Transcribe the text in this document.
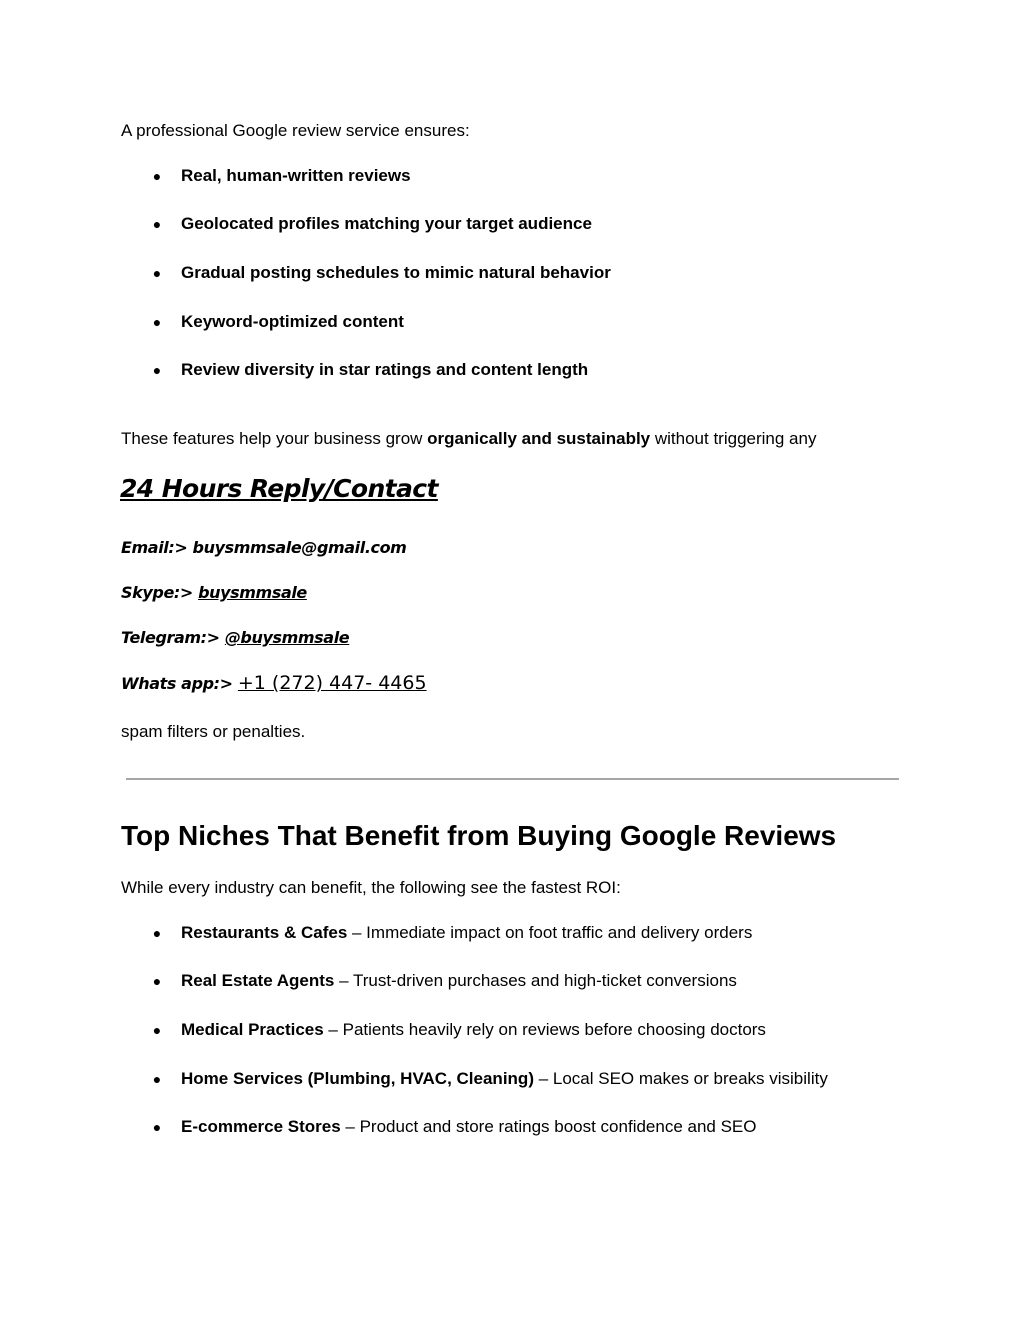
A professional Google review service ensures:
● Real, human-written reviews
● Geolocated profiles matching your target audience
● Gradual posting schedules to mimic natural behavior
● Keyword-optimized content
● Review diversity in star ratings and content length
These features help your business grow organically and sustainably without triggering any
24 Hours Reply/Contact
Email:> buysmmsale@gmail.com
Skype:> buysmmsale
Telegram:> @buysmmsale
Whats app:> +1 (272) 447- 4465
spam filters or penalties.
Top Niches That Benefit from Buying Google Reviews
While every industry can benefit, the following see the fastest ROI:
● Restaurants & Cafes – Immediate impact on foot traffic and delivery orders
● Real Estate Agents – Trust-driven purchases and high-ticket conversions
● Medical Practices – Patients heavily rely on reviews before choosing doctors
● Home Services (Plumbing, HVAC, Cleaning) – Local SEO makes or breaks visibility
● E-commerce Stores – Product and store ratings boost confidence and SEO
